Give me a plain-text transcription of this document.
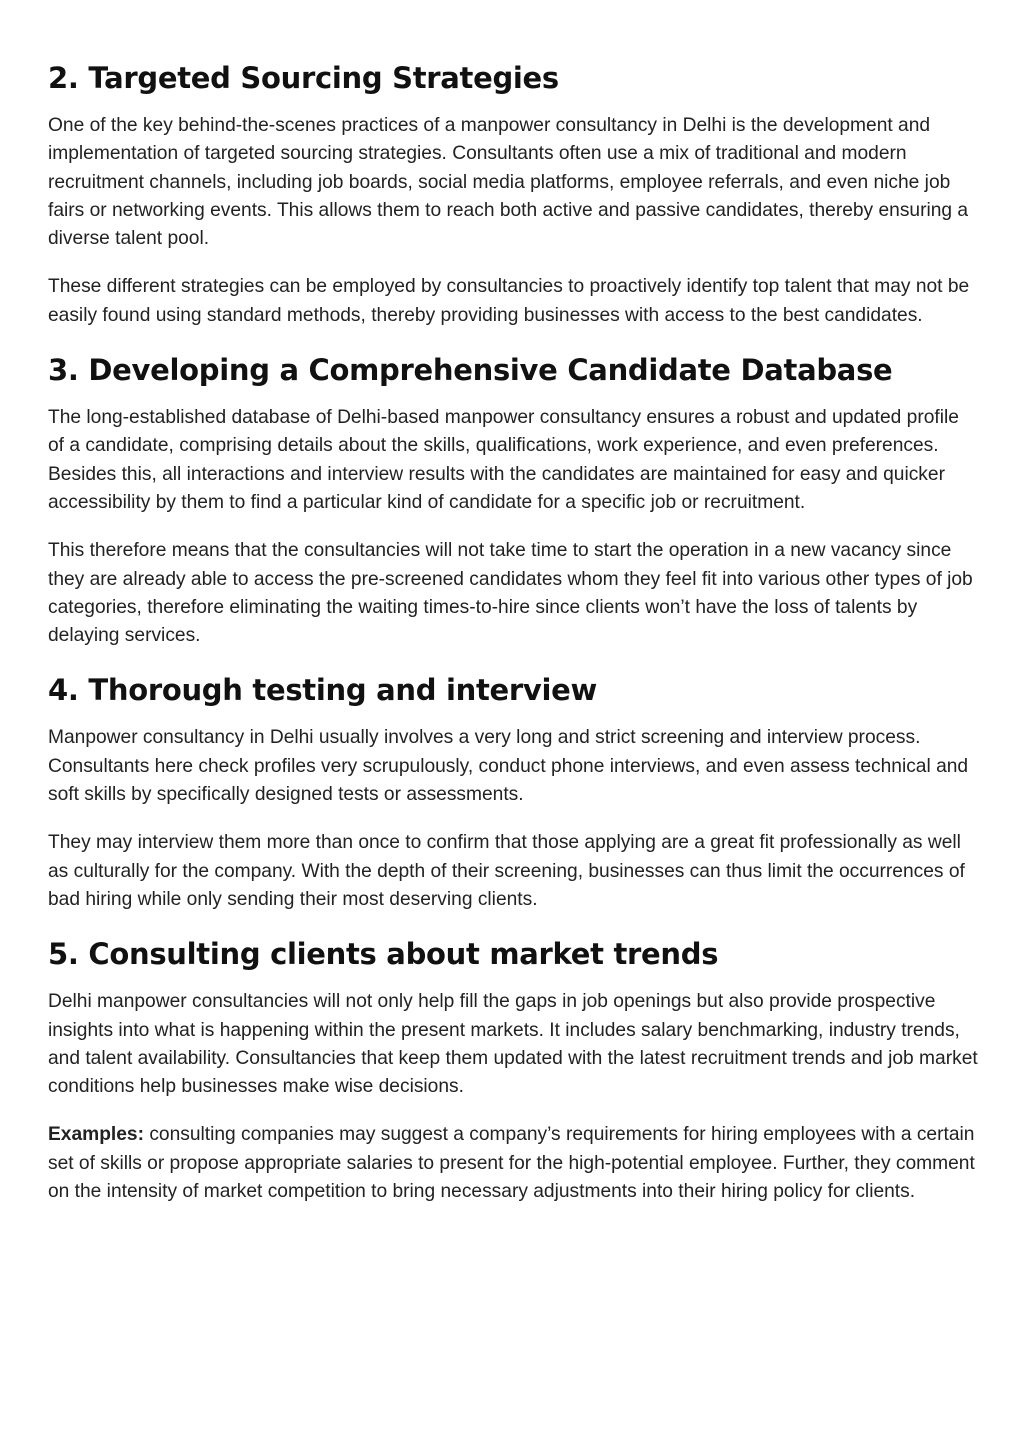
2. Targeted Sourcing Strategies

One of the key behind-the-scenes practices of a manpower consultancy in Delhi is the development and implementation of targeted sourcing strategies. Consultants often use a mix of traditional and modern recruitment channels, including job boards, social media platforms, employee referrals, and even niche job fairs or networking events. This allows them to reach both active and passive candidates, thereby ensuring a diverse talent pool.

These different strategies can be employed by consultancies to proactively identify top talent that may not be easily found using standard methods, thereby providing businesses with access to the best candidates.

3. Developing a Comprehensive Candidate Database

The long-established database of Delhi-based manpower consultancy ensures a robust and updated profile of a candidate, comprising details about the skills, qualifications, work experience, and even preferences. Besides this, all interactions and interview results with the candidates are maintained for easy and quicker accessibility by them to find a particular kind of candidate for a specific job or recruitment.

This therefore means that the consultancies will not take time to start the operation in a new vacancy since they are already able to access the pre-screened candidates whom they feel fit into various other types of job categories, therefore eliminating the waiting times-to-hire since clients won’t have the loss of talents by delaying services.

4. Thorough testing and interview

Manpower consultancy in Delhi usually involves a very long and strict screening and interview process. Consultants here check profiles very scrupulously, conduct phone interviews, and even assess technical and soft skills by specifically designed tests or assessments.

They may interview them more than once to confirm that those applying are a great fit professionally as well as culturally for the company. With the depth of their screening, businesses can thus limit the occurrences of bad hiring while only sending their most deserving clients.

5. Consulting clients about market trends

Delhi manpower consultancies will not only help fill the gaps in job openings but also provide prospective insights into what is happening within the present markets. It includes salary benchmarking, industry trends, and talent availability. Consultancies that keep them updated with the latest recruitment trends and job market conditions help businesses make wise decisions.

Examples: consulting companies may suggest a company’s requirements for hiring employees with a certain set of skills or propose appropriate salaries to present for the high-potential employee. Further, they comment on the intensity of market competition to bring necessary adjustments into their hiring policy for clients.
